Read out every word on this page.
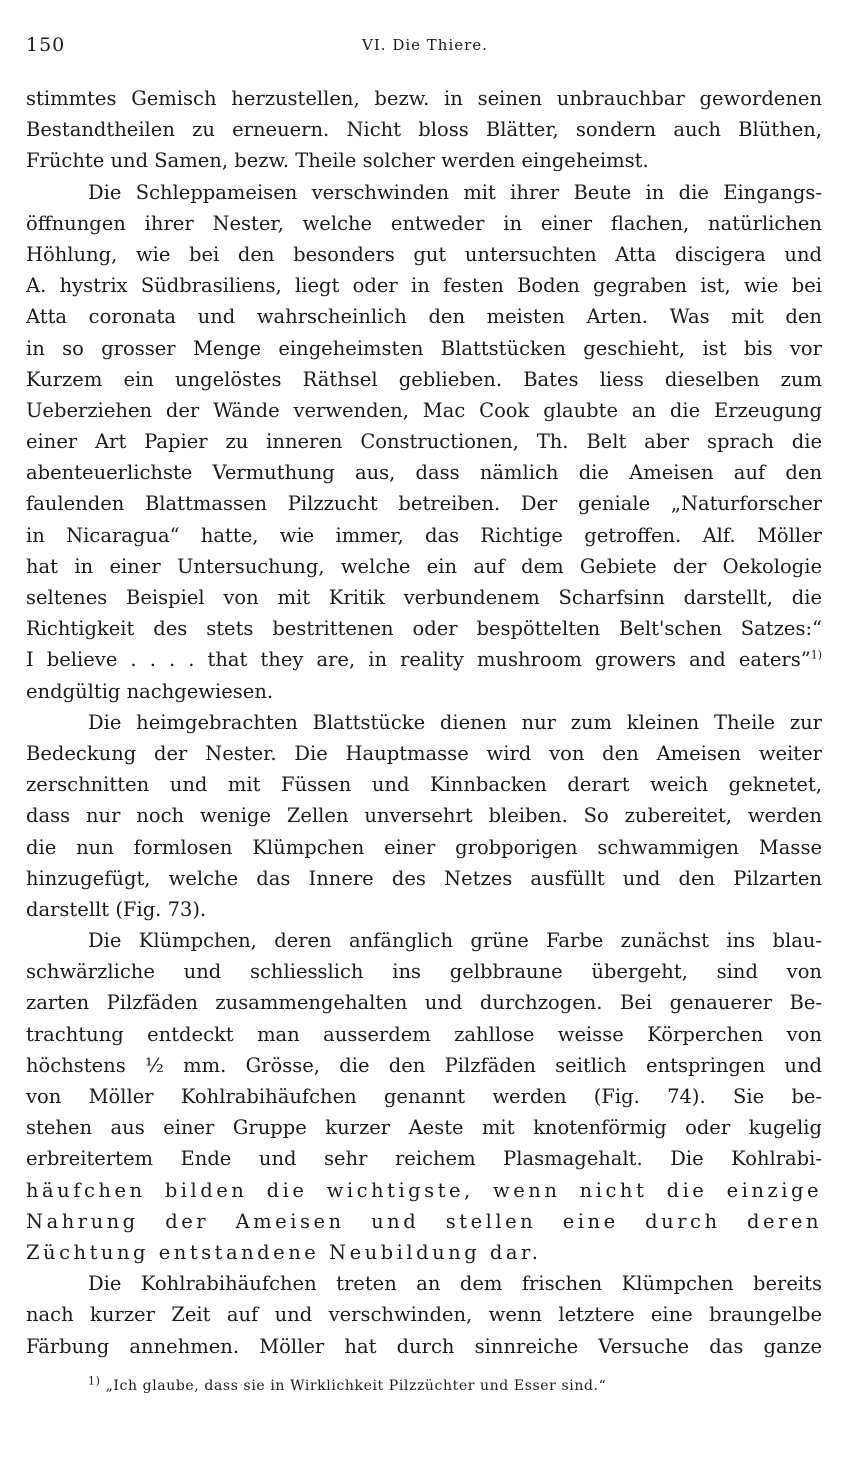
150	VI. Die Thiere.
stimmtes Gemisch herzustellen, bezw. in seinen unbrauchbar gewordenen
Bestandtheilen zu erneuern. Nicht bloss Blätter, sondern auch Blüthen,
Früchte und Samen, bezw. Theile solcher werden eingeheimst.
Die Schleppameisen verschwinden mit ihrer Beute in die Eingangs-
öffnungen ihrer Nester, welche entweder in einer flachen, natürlichen
Höhlung, wie bei den besonders gut untersuchten Atta discigera und
A. hystrix Südbrasiliens, liegt oder in festen Boden gegraben ist, wie bei
Atta coronata und wahrscheinlich den meisten Arten. Was mit den
in so grosser Menge eingeheimsten Blattstücken geschieht, ist bis vor
Kurzem ein ungelöstes Räthsel geblieben. Bates liess dieselben zum
Ueberziehen der Wände verwenden, Mac Cook glaubte an die Erzeugung
einer Art Papier zu inneren Constructionen, Th. Belt aber sprach die
abenteuerlichste Vermuthung aus, dass nämlich die Ameisen auf den
faulenden Blattmassen Pilzzucht betreiben. Der geniale „Naturforscher
in Nicaragua“ hatte, wie immer, das Richtige getroffen. Alf. Möller
hat in einer Untersuchung, welche ein auf dem Gebiete der Oekologie
seltenes Beispiel von mit Kritik verbundenem Scharfsinn darstellt, die
Richtigkeit des stets bestrittenen oder bespöttelten Belt'schen Satzes:“
I believe . . . . that they are, in reality mushroom growers and eaters”$^{1)}$
endgültig nachgewiesen.
Die heimgebrachten Blattstücke dienen nur zum kleinen Theile zur
Bedeckung der Nester. Die Hauptmasse wird von den Ameisen weiter
zerschnitten und mit Füssen und Kinnbacken derart weich geknetet,
dass nur noch wenige Zellen unversehrt bleiben. So zubereitet, werden
die nun formlosen Klümpchen einer grobporigen schwammigen Masse
hinzugefügt, welche das Innere des Netzes ausfüllt und den Pilzarten
darstellt (Fig. 73).
Die Klümpchen, deren anfänglich grüne Farbe zunächst ins blau-
schwärzliche und schliesslich ins gelbbraune übergeht, sind von
zarten Pilzfäden zusammengehalten und durchzogen. Bei genauerer Be-
trachtung entdeckt man ausserdem zahllose weisse Körperchen von
höchstens ½ mm. Grösse, die den Pilzfäden seitlich entspringen und
von Möller Kohlrabihäufchen genannt werden (Fig. 74). Sie be-
stehen aus einer Gruppe kurzer Aeste mit knotenförmig oder kugelig
erbreitertem Ende und sehr reichem Plasmagehalt. Die Kohlrabi-
häufchen bilden die wichtigste, wenn nicht die einzige
Nahrung der Ameisen und stellen eine durch deren
Züchtung entstandene Neubildung dar.
Die Kohlrabihäufchen treten an dem frischen Klümpchen bereits
nach kurzer Zeit auf und verschwinden, wenn letztere eine braungelbe
Färbung annehmen. Möller hat durch sinnreiche Versuche das ganze
$^{1)}$ „Ich glaube, dass sie in Wirklichkeit Pilzzüchter und Esser sind.“
